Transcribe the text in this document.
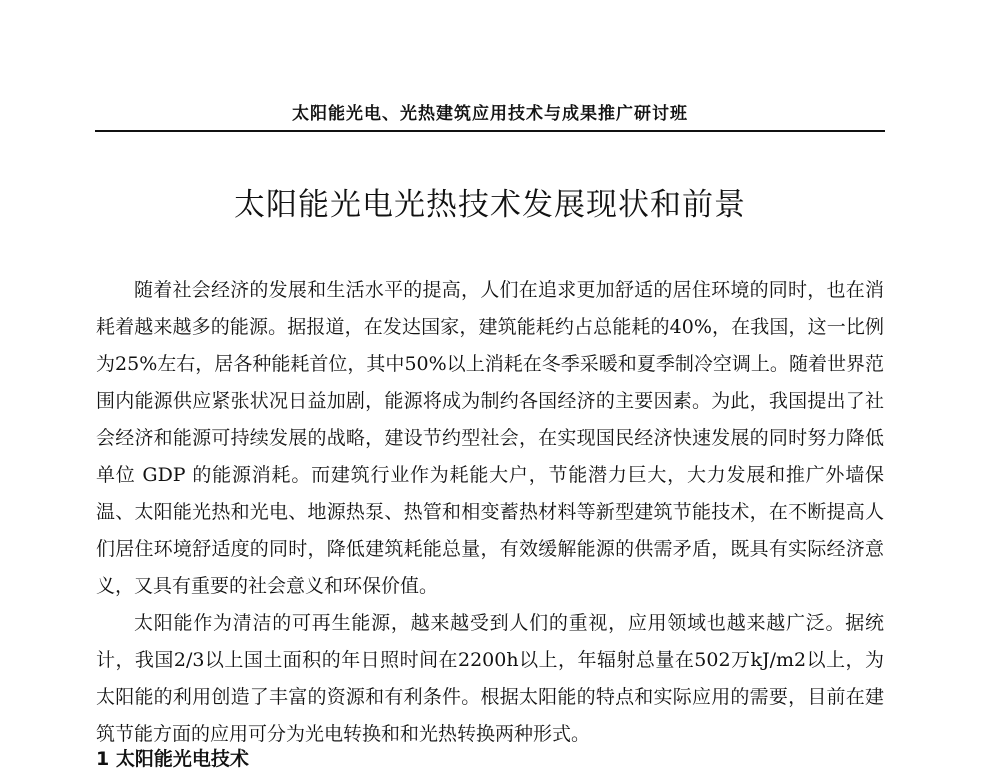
太阳能光电、光热建筑应用技术与成果推广研讨班
太阳能光电光热技术发展现状和前景

随着社会经济的发展和生活水平的提高，人们在追求更加舒适的居住环境的同时，也在消耗着越来越多的能源。据报道，在发达国家，建筑能耗约占总能耗的40%，在我国，这一比例为25%左右，居各种能耗首位，其中50%以上消耗在冬季采暖和夏季制冷空调上。随着世界范围内能源供应紧张状况日益加剧，能源将成为制约各国经济的主要因素。为此，我国提出了社会经济和能源可持续发展的战略，建设节约型社会，在实现国民经济快速发展的同时努力降低单位 GDP 的能源消耗。而建筑行业作为耗能大户，节能潜力巨大，大力发展和推广外墙保温、太阳能光热和光电、地源热泵、热管和相变蓄热材料等新型建筑节能技术，在不断提高人们居住环境舒适度的同时，降低建筑耗能总量，有效缓解能源的供需矛盾，既具有实际经济意义，又具有重要的社会意义和环保价值。

太阳能作为清洁的可再生能源，越来越受到人们的重视，应用领域也越来越广泛。据统计，我国2/3以上国土面积的年日照时间在2200h以上，年辐射总量在502万kJ/m2以上，为太阳能的利用创造了丰富的资源和有利条件。根据太阳能的特点和实际应用的需要，目前在建筑节能方面的应用可分为光电转换和和光热转换两种形式。

1 太阳能光电技术
